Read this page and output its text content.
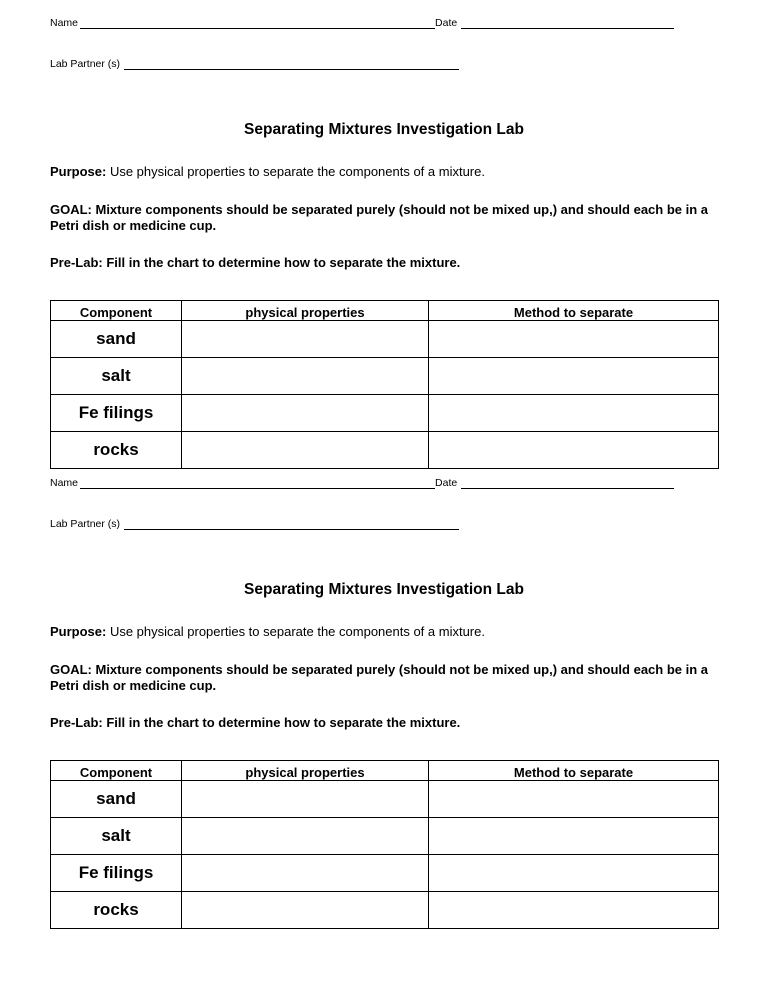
Name	Date
Lab Partner (s)
Separating Mixtures Investigation Lab
Purpose: Use physical properties to separate the components of a mixture.
GOAL: Mixture components should be separated purely (should not be mixed up,) and should each be in a Petri dish or medicine cup.
Pre-Lab: Fill in the chart to determine how to separate the mixture.
Component	physical properties	Method to separate
sand		
salt		
Fe filings		
rocks		
Name	Date
Lab Partner (s)
Separating Mixtures Investigation Lab
Purpose: Use physical properties to separate the components of a mixture.
GOAL: Mixture components should be separated purely (should not be mixed up,) and should each be in a Petri dish or medicine cup.
Pre-Lab: Fill in the chart to determine how to separate the mixture.
Component	physical properties	Method to separate
sand		
salt		
Fe filings		
rocks		
